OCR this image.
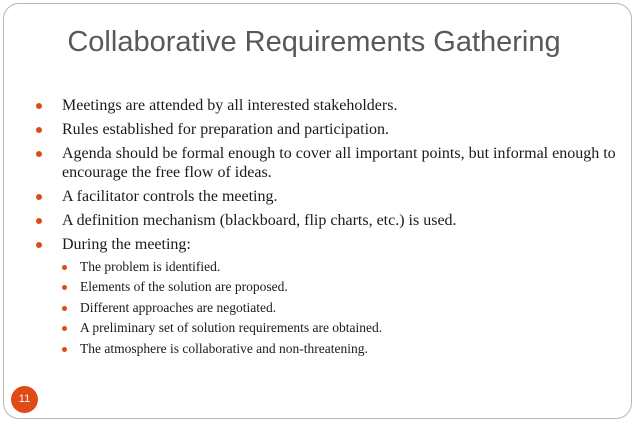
Collaborative Requirements Gathering
Meetings are attended by all interested stakeholders.
Rules established for preparation and participation.
Agenda should be formal enough to cover all important points, but informal enough to encourage the free flow of ideas.
A facilitator controls the meeting.
A definition mechanism (blackboard, flip charts, etc.) is used.
During the meeting:
The problem is identified.
Elements of the solution are proposed.
Different approaches are negotiated.
A preliminary set of solution requirements are obtained.
The atmosphere is collaborative and non-threatening.
11
